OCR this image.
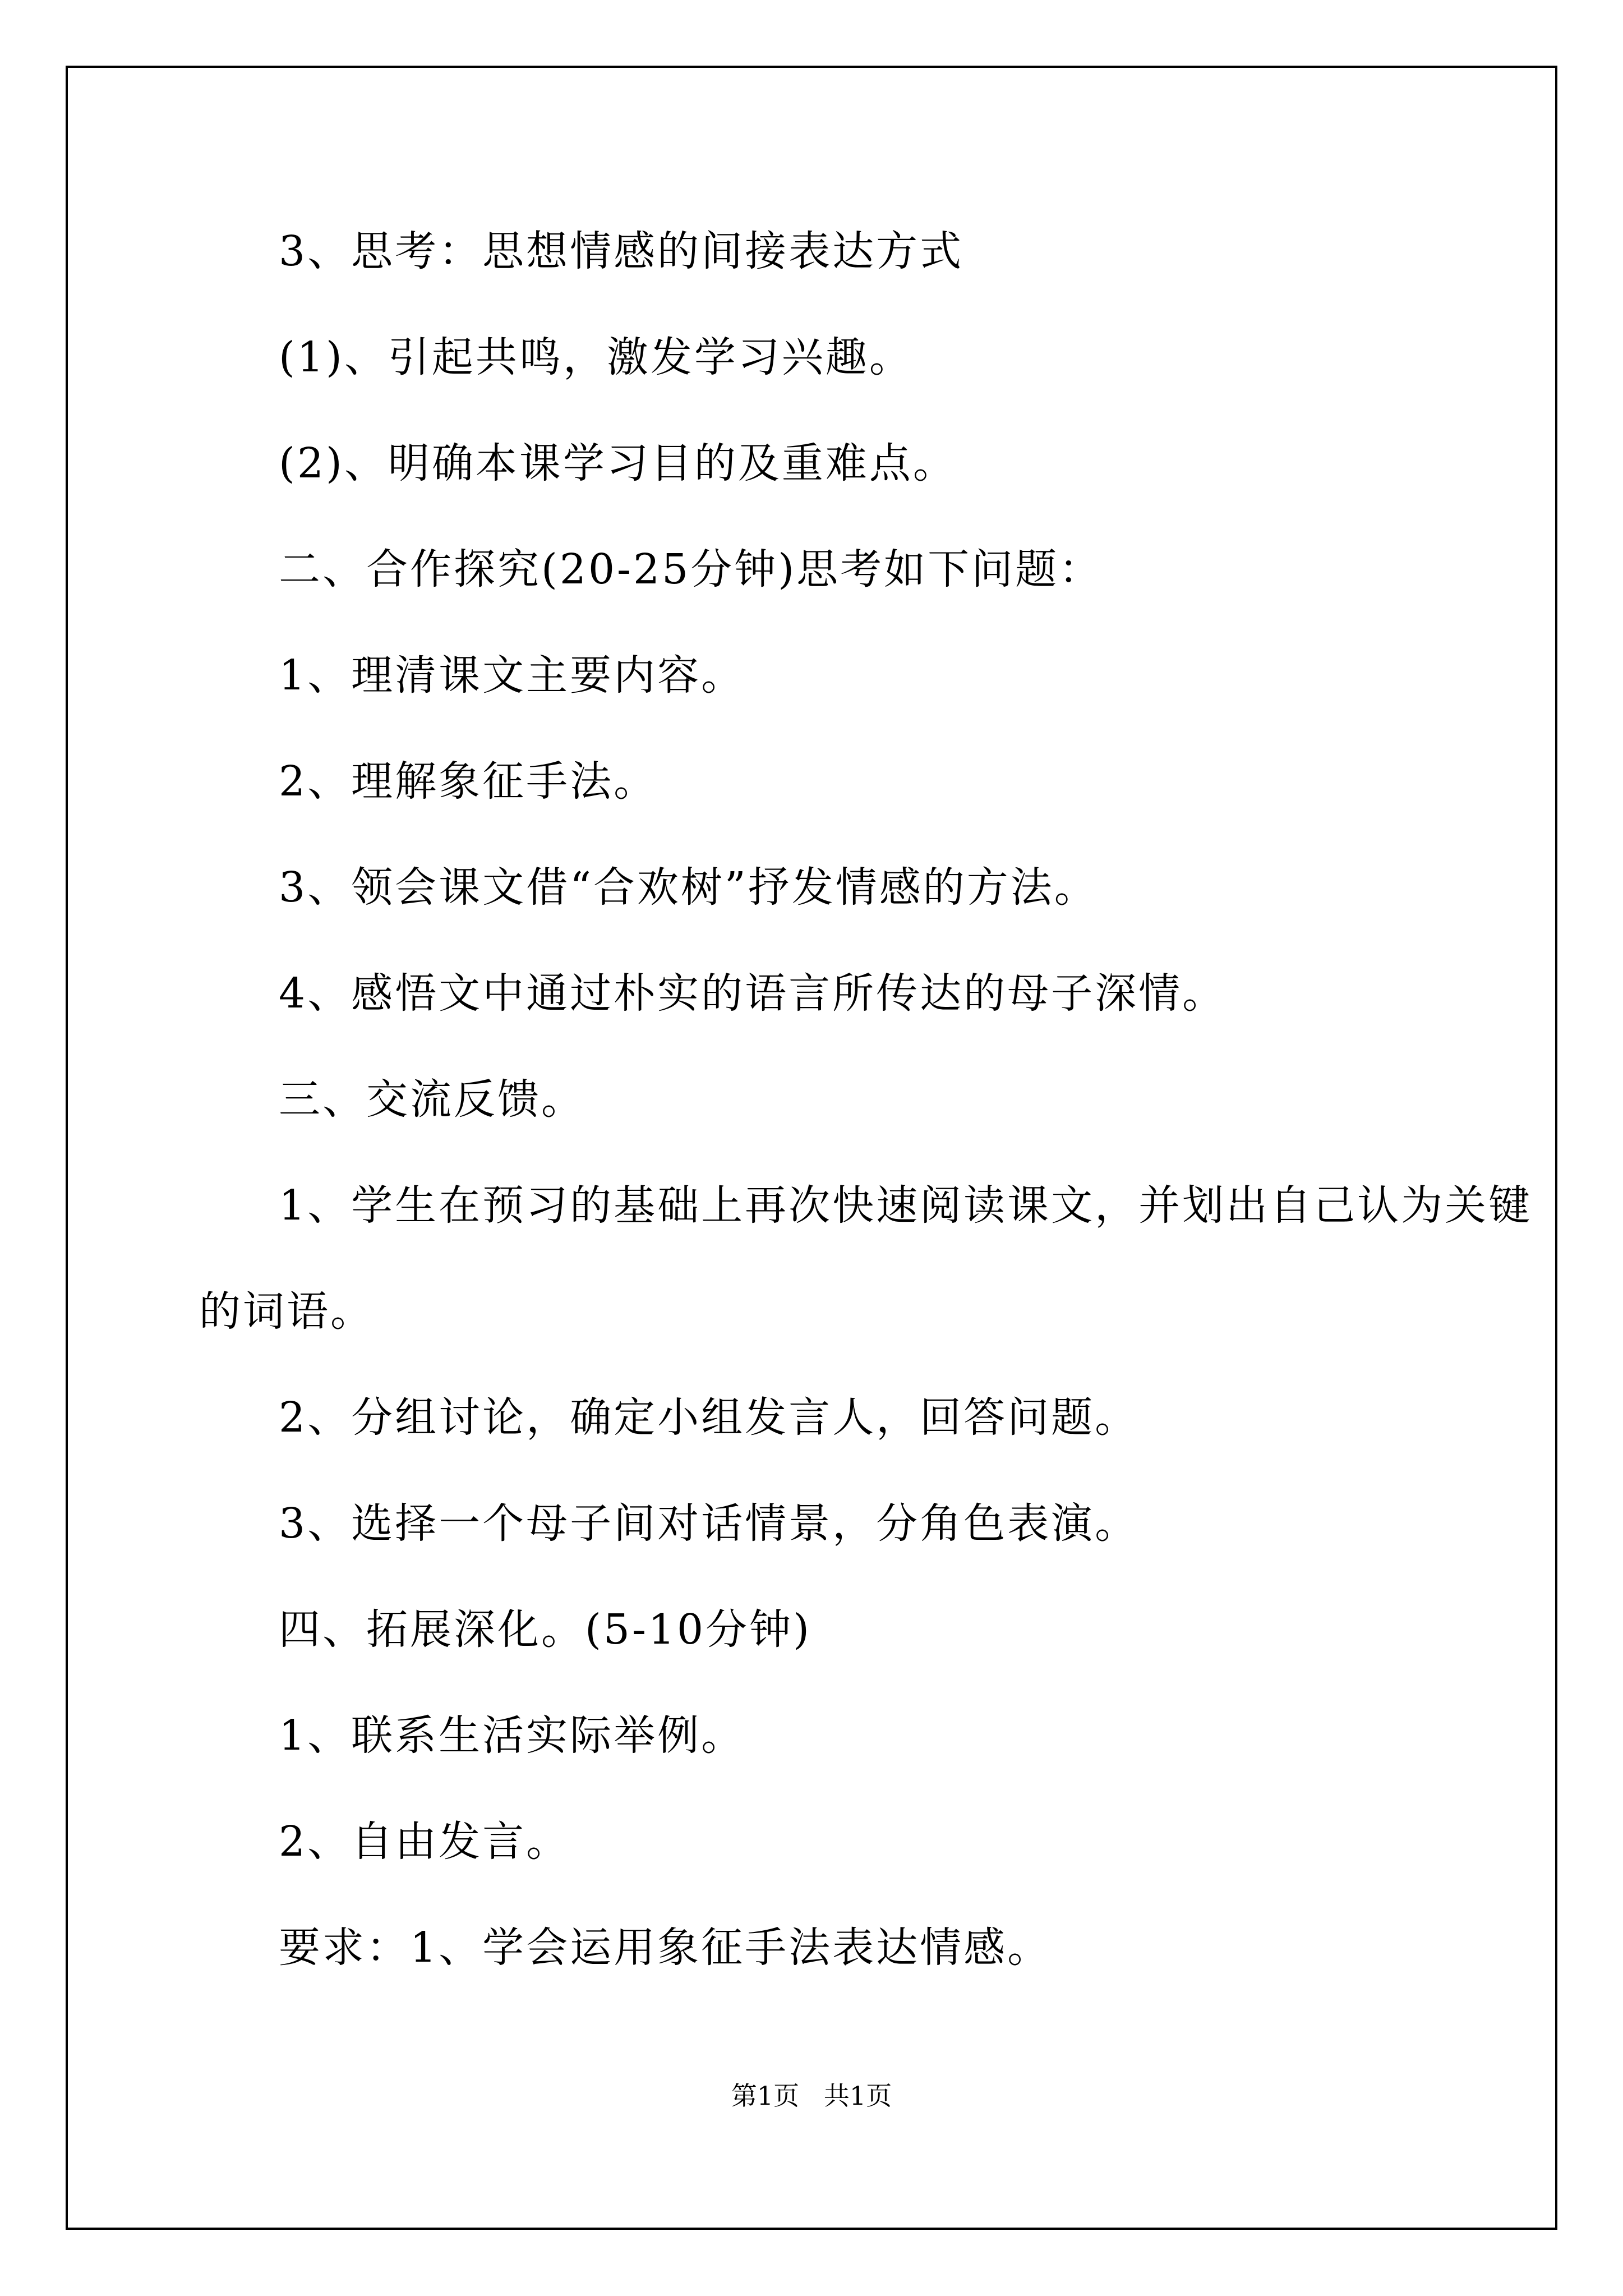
3、思考：思想情感的间接表达方式
(1)、引起共鸣，激发学习兴趣。
(2)、明确本课学习目的及重难点。
二、合作探究(20-25分钟)思考如下问题：
1、理清课文主要内容。
2、理解象征手法。
3、领会课文借“合欢树”抒发情感的方法。
4、感悟文中通过朴实的语言所传达的母子深情。
三、交流反馈。
1、学生在预习的基础上再次快速阅读课文，并划出自己认为关键
的词语。
2、分组讨论，确定小组发言人，回答问题。
3、选择一个母子间对话情景，分角色表演。
四、拓展深化。(5-10分钟)
1、联系生活实际举例。
2、自由发言。
要求：1、学会运用象征手法表达情感。
第1页   共1页
